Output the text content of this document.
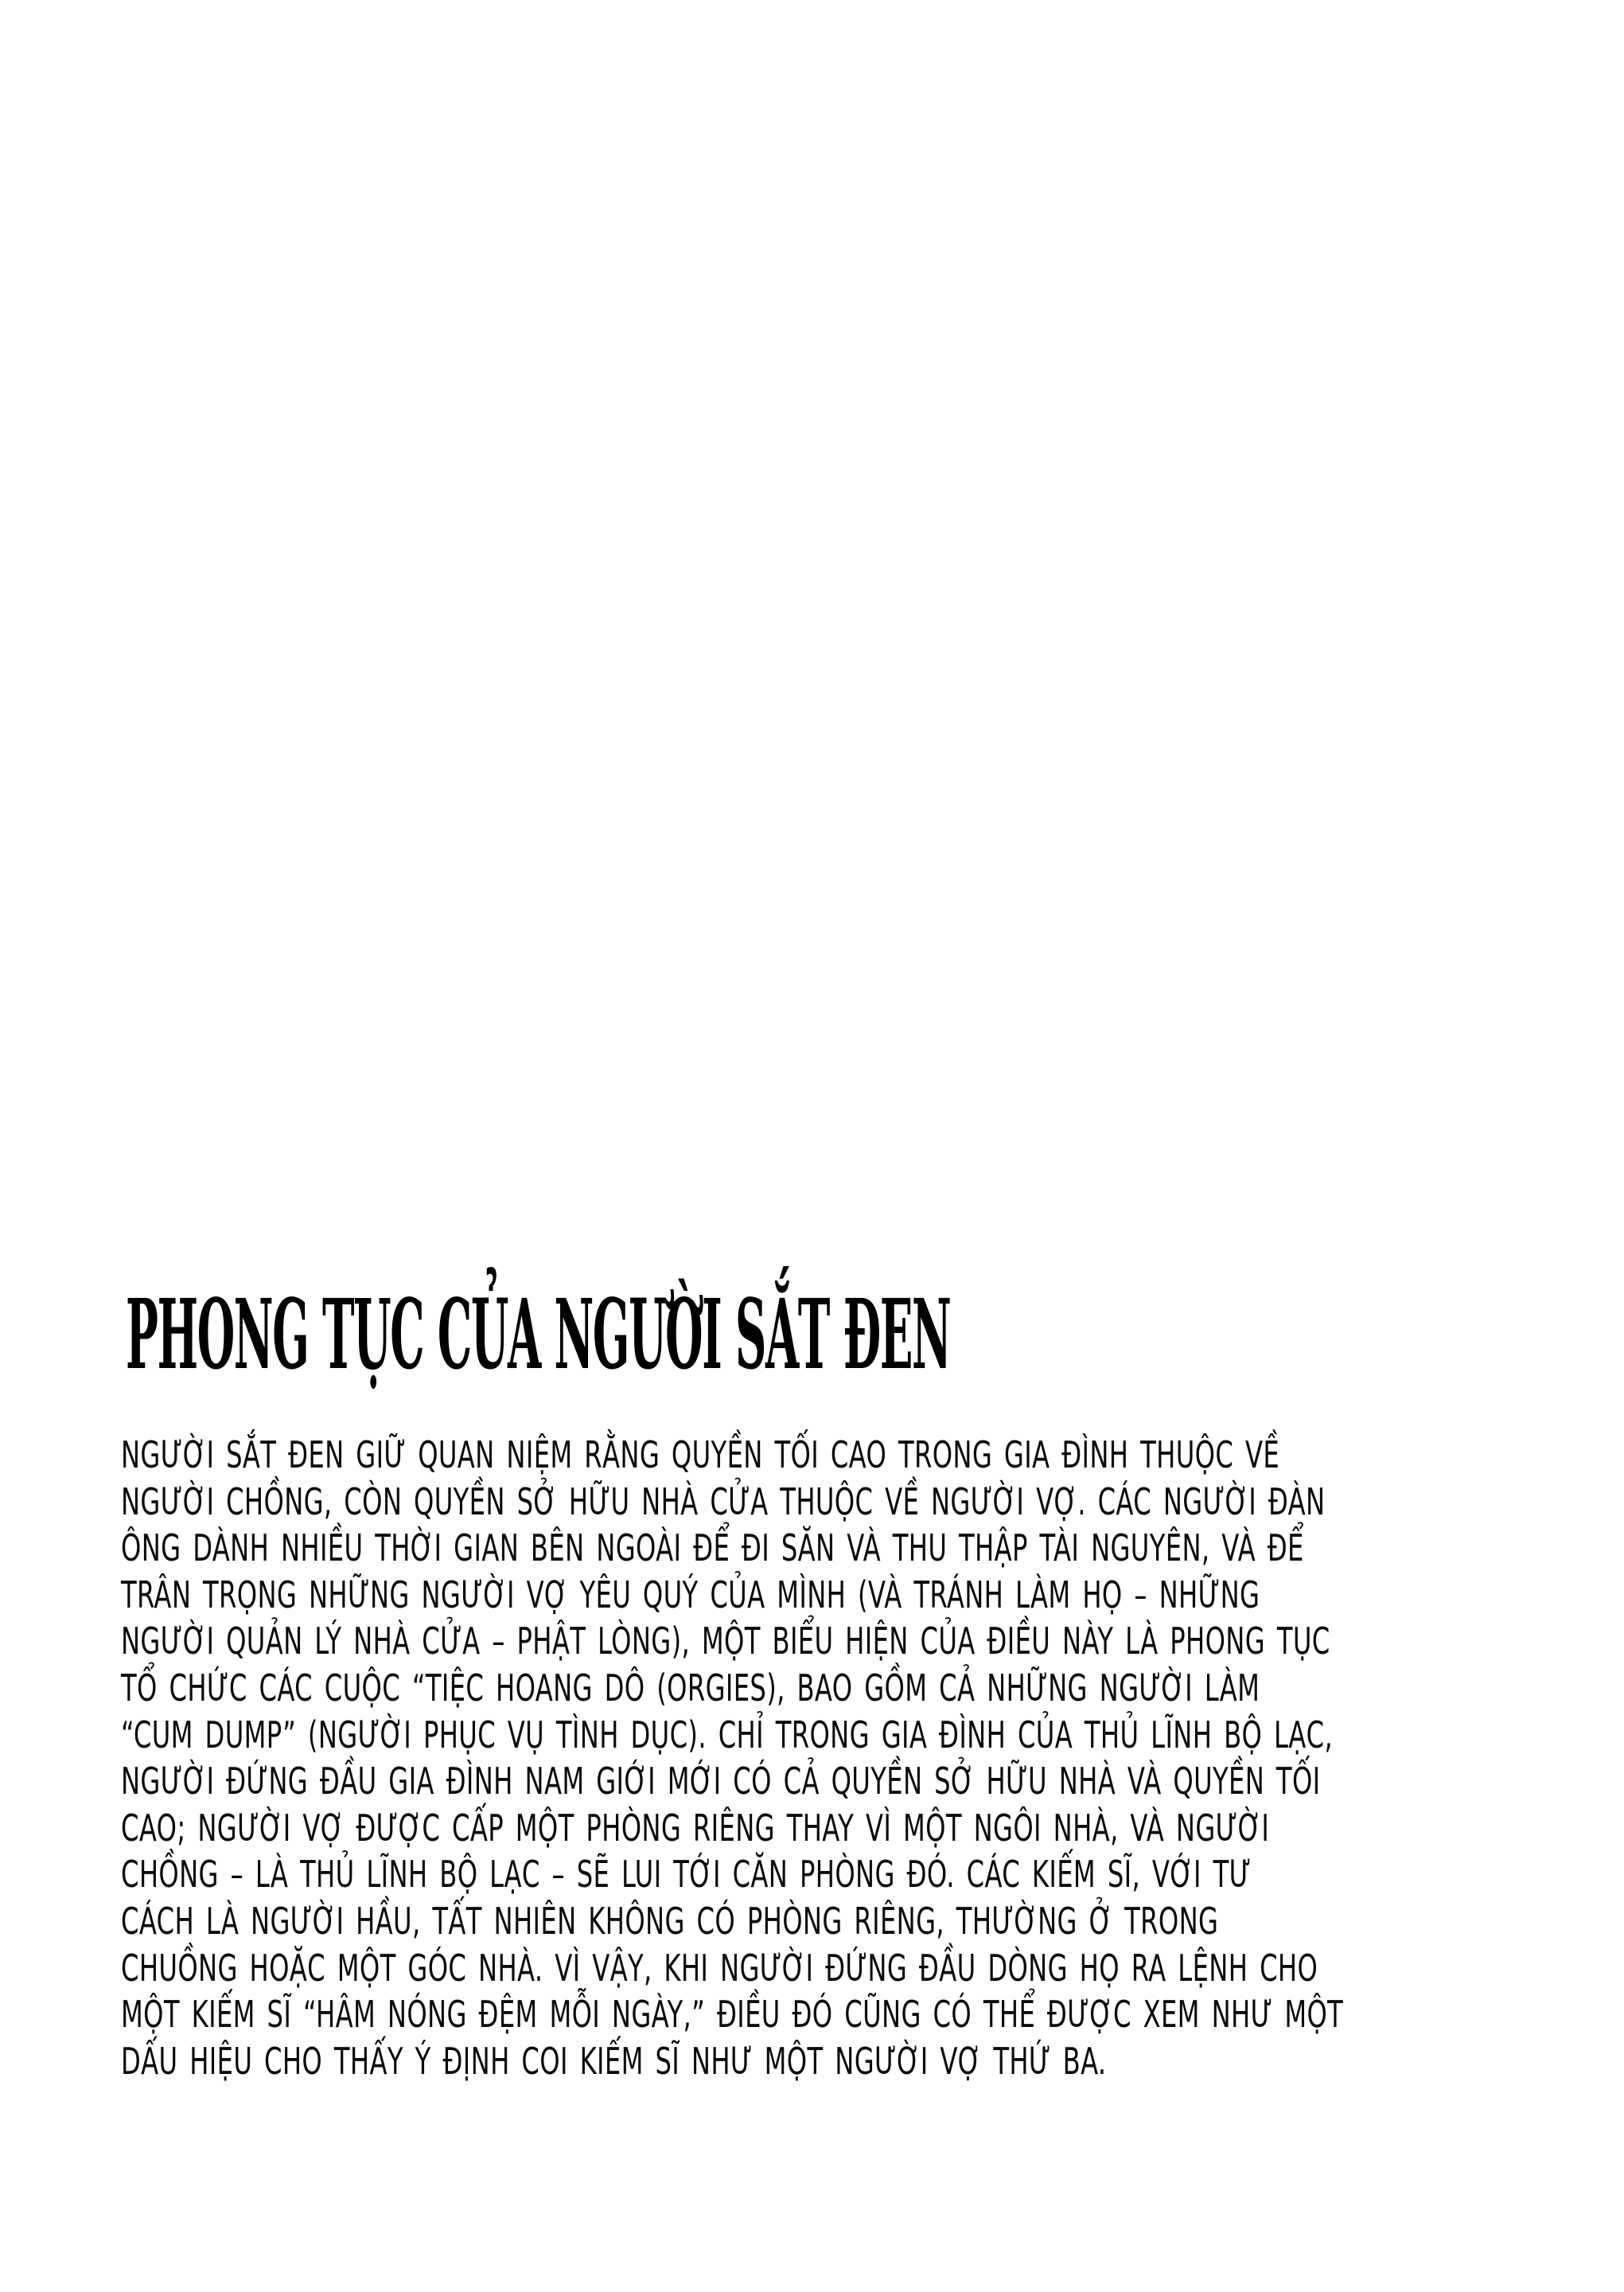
PHONG TỤC CỦA NGƯỜI SẮT ĐEN
NGƯỜI SẮT ĐEN GIỮ QUAN NIỆM RẰNG QUYỀN TỐI CAO TRONG GIA ĐÌNH THUỘC VỀ
NGƯỜI CHỒNG, CÒN QUYỀN SỞ HỮU NHÀ CỬA THUỘC VỀ NGƯỜI VỢ. CÁC NGƯỜI ĐÀN
ÔNG DÀNH NHIỀU THỜI GIAN BÊN NGOÀI ĐỂ ĐI SĂN VÀ THU THẬP TÀI NGUYÊN, VÀ ĐỂ
TRÂN TRỌNG NHỮNG NGƯỜI VỢ YÊU QUÝ CỦA MÌNH (VÀ TRÁNH LÀM HỌ – NHỮNG
NGƯỜI QUẢN LÝ NHÀ CỬA – PHẬT LÒNG), MỘT BIỂU HIỆN CỦA ĐIỀU NÀY LÀ PHONG TỤC
TỔ CHỨC CÁC CUỘC “TIỆC HOANG DÔ (ORGIES), BAO GỒM CẢ NHỮNG NGƯỜI LÀM
“CUM DUMP” (NGƯỜI PHỤC VỤ TÌNH DỤC). CHỈ TRONG GIA ĐÌNH CỦA THỦ LĨNH BỘ LẠC,
NGƯỜI ĐỨNG ĐẦU GIA ĐÌNH NAM GIỚI MỚI CÓ CẢ QUYỀN SỞ HỮU NHÀ VÀ QUYỀN TỐI
CAO; NGƯỜI VỢ ĐƯỢC CẤP MỘT PHÒNG RIÊNG THAY VÌ MỘT NGÔI NHÀ, VÀ NGƯỜI
CHỒNG – LÀ THỦ LĨNH BỘ LẠC – SẼ LUI TỚI CĂN PHÒNG ĐÓ. CÁC KIẾM SĨ, VỚI TƯ
CÁCH LÀ NGƯỜI HẦU, TẤT NHIÊN KHÔNG CÓ PHÒNG RIÊNG, THƯỜNG Ở TRONG
CHUỒNG HOẶC MỘT GÓC NHÀ. VÌ VẬY, KHI NGƯỜI ĐỨNG ĐẦU DÒNG HỌ RA LỆNH CHO
MỘT KIẾM SĨ “HÂM NÓNG ĐỆM MỖI NGÀY,” ĐIỀU ĐÓ CŨNG CÓ THỂ ĐƯỢC XEM NHƯ MỘT
DẤU HIỆU CHO THẤY Ý ĐỊNH COI KIẾM SĨ NHƯ MỘT NGƯỜI VỢ THỨ BA.
